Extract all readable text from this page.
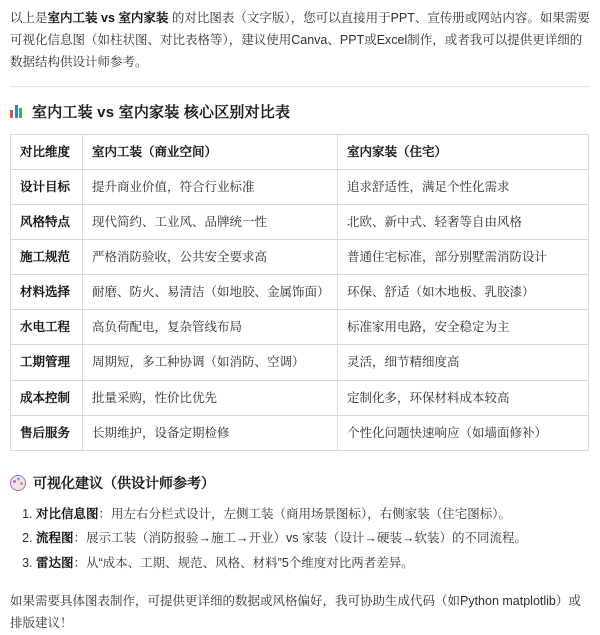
以上是室内工装 vs 室内家装 的对比图表（文字版），您可以直接用于PPT、宣传册或网站内容。如果需要可视化信息图（如柱状图、对比表格等），建议使用Canva、PPT或Excel制作，或者我可以提供更详细的数据结构供设计师参考。

室内工装 vs 室内家装 核心区别对比表
对比维度	室内工装（商业空间）	室内家装（住宅）
设计目标	提升商业价值，符合行业标准	追求舒适性，满足个性化需求
风格特点	现代简约、工业风、品牌统一性	北欧、新中式、轻奢等自由风格
施工规范	严格消防验收，公共安全要求高	普通住宅标准，部分别墅需消防设计
材料选择	耐磨、防火、易清洁（如地胶、金属饰面）	环保、舒适（如木地板、乳胶漆）
水电工程	高负荷配电，复杂管线布局	标准家用电路，安全稳定为主
工期管理	周期短，多工种协调（如消防、空调）	灵活，细节精细度高
成本控制	批量采购，性价比优先	定制化多，环保材料成本较高
售后服务	长期维护，设备定期检修	个性化问题快速响应（如墙面修补）
可视化建议（供设计师参考）
1. 对比信息图：用左右分栏式设计，左侧工装（商用场景图标），右侧家装（住宅图标）。
2. 流程图：展示工装（消防报验→施工→开业）vs 家装（设计→硬装→软装）的不同流程。
3. 雷达图：从“成本、工期、规范、风格、材料”5个维度对比两者差异。

如果需要具体图表制作，可提供更详细的数据或风格偏好，我可协助生成代码（如Python matplotlib）或排版建议！
